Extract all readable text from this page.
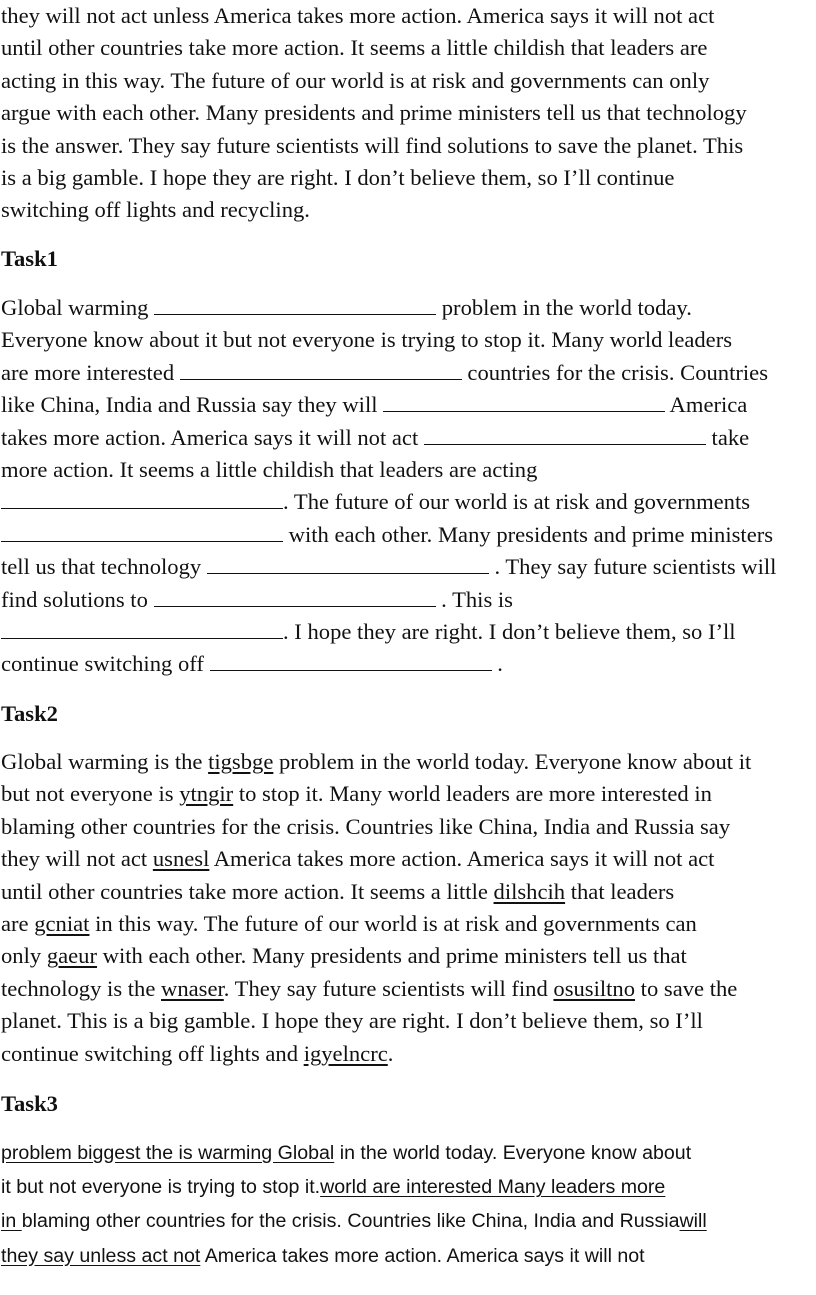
they will not act unless America takes more action. America says it will not act
until other countries take more action. It seems a little childish that leaders are
acting in this way. The future of our world is at risk and governments can only
argue with each other. Many presidents and prime ministers tell us that technology
is the answer. They say future scientists will find solutions to save the planet. This
is a big gamble. I hope they are right. I don’t believe them, so I’ll continue
switching off lights and recycling.
Task1
Global warming	problem in the world today.
Everyone know about it but not everyone is trying to stop it. Many world leaders
are more interested	countries for the crisis. Countries
like China, India and Russia say they will	America
takes more action. America says it will not act	take
more action. It seems a little childish that leaders are acting
. The future of our world is at risk and governments
with each other. Many presidents and prime ministers
tell us that technology	. They say future scientists will
find solutions to	. This is
. I hope they are right. I don’t believe them, so I’ll
continue switching off	.
Task2
Global warming is the tigsbge problem in the world today. Everyone know about it
but not everyone is ytngir to stop it. Many world leaders are more interested in
blaming other countries for the crisis. Countries like China, India and Russia say
they will not act usnesl America takes more action. America says it will not act
until other countries take more action. It seems a little dilshcih that leaders
are gcniat in this way. The future of our world is at risk and governments can
only gaeur with each other. Many presidents and prime ministers tell us that
technology is the wnaser. They say future scientists will find osusiltno to save the
planet. This is a big gamble. I hope they are right. I don’t believe them, so I’ll
continue switching off lights and igyelncrc.
Task3
problem biggest the is warming Global in the world today. Everyone know about
it but not everyone is trying to stop it.world are interested Many leaders more
in blaming other countries for the crisis. Countries like China, India and Russiawill
they say unless act not America takes more action. America says it will not
